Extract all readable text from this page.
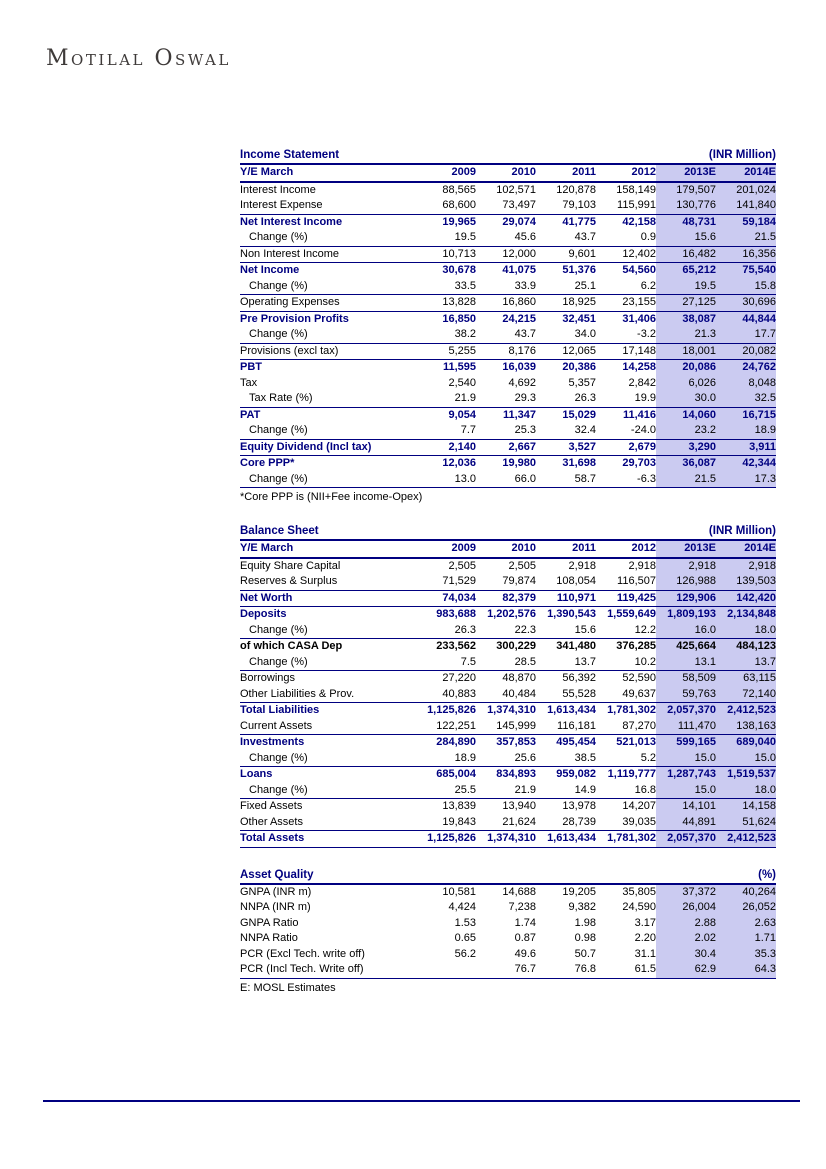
Motilal Oswal
Income Statement	(INR Million)
Y/E March	2009	2010	2011	2012	2013E	2014E
Interest Income	88,565	102,571	120,878	158,149	179,507	201,024
Interest Expense	68,600	73,497	79,103	115,991	130,776	141,840
Net Interest Income	19,965	29,074	41,775	42,158	48,731	59,184
Change (%)	19.5	45.6	43.7	0.9	15.6	21.5
Non Interest Income	10,713	12,000	9,601	12,402	16,482	16,356
Net Income	30,678	41,075	51,376	54,560	65,212	75,540
Change (%)	33.5	33.9	25.1	6.2	19.5	15.8
Operating Expenses	13,828	16,860	18,925	23,155	27,125	30,696
Pre Provision Profits	16,850	24,215	32,451	31,406	38,087	44,844
Change (%)	38.2	43.7	34.0	-3.2	21.3	17.7
Provisions (excl tax)	5,255	8,176	12,065	17,148	18,001	20,082
PBT	11,595	16,039	20,386	14,258	20,086	24,762
Tax	2,540	4,692	5,357	2,842	6,026	8,048
Tax Rate (%)	21.9	29.3	26.3	19.9	30.0	32.5
PAT	9,054	11,347	15,029	11,416	14,060	16,715
Change (%)	7.7	25.3	32.4	-24.0	23.2	18.9
Equity Dividend (Incl tax)	2,140	2,667	3,527	2,679	3,290	3,911
Core PPP*	12,036	19,980	31,698	29,703	36,087	42,344
Change (%)	13.0	66.0	58.7	-6.3	21.5	17.3
*Core PPP is (NII+Fee income-Opex)
Balance Sheet	(INR Million)
Y/E March	2009	2010	2011	2012	2013E	2014E
Equity Share Capital	2,505	2,505	2,918	2,918	2,918	2,918
Reserves & Surplus	71,529	79,874	108,054	116,507	126,988	139,503
Net Worth	74,034	82,379	110,971	119,425	129,906	142,420
Deposits	983,688	1,202,576	1,390,543	1,559,649	1,809,193	2,134,848
Change (%)	26.3	22.3	15.6	12.2	16.0	18.0
of which CASA Dep	233,562	300,229	341,480	376,285	425,664	484,123
Change (%)	7.5	28.5	13.7	10.2	13.1	13.7
Borrowings	27,220	48,870	56,392	52,590	58,509	63,115
Other Liabilities & Prov.	40,883	40,484	55,528	49,637	59,763	72,140
Total Liabilities	1,125,826	1,374,310	1,613,434	1,781,302	2,057,370	2,412,523
Current Assets	122,251	145,999	116,181	87,270	111,470	138,163
Investments	284,890	357,853	495,454	521,013	599,165	689,040
Change (%)	18.9	25.6	38.5	5.2	15.0	15.0
Loans	685,004	834,893	959,082	1,119,777	1,287,743	1,519,537
Change (%)	25.5	21.9	14.9	16.8	15.0	18.0
Fixed Assets	13,839	13,940	13,978	14,207	14,101	14,158
Other Assets	19,843	21,624	28,739	39,035	44,891	51,624
Total Assets	1,125,826	1,374,310	1,613,434	1,781,302	2,057,370	2,412,523
Asset Quality	(%)
GNPA (INR m)	10,581	14,688	19,205	35,805	37,372	40,264
NNPA (INR m)	4,424	7,238	9,382	24,590	26,004	26,052
GNPA Ratio	1.53	1.74	1.98	3.17	2.88	2.63
NNPA Ratio	0.65	0.87	0.98	2.20	2.02	1.71
PCR (Excl Tech. write off)	56.2	49.6	50.7	31.1	30.4	35.3
PCR (Incl Tech. Write off)		76.7	76.8	61.5	62.9	64.3
E: MOSL Estimates
